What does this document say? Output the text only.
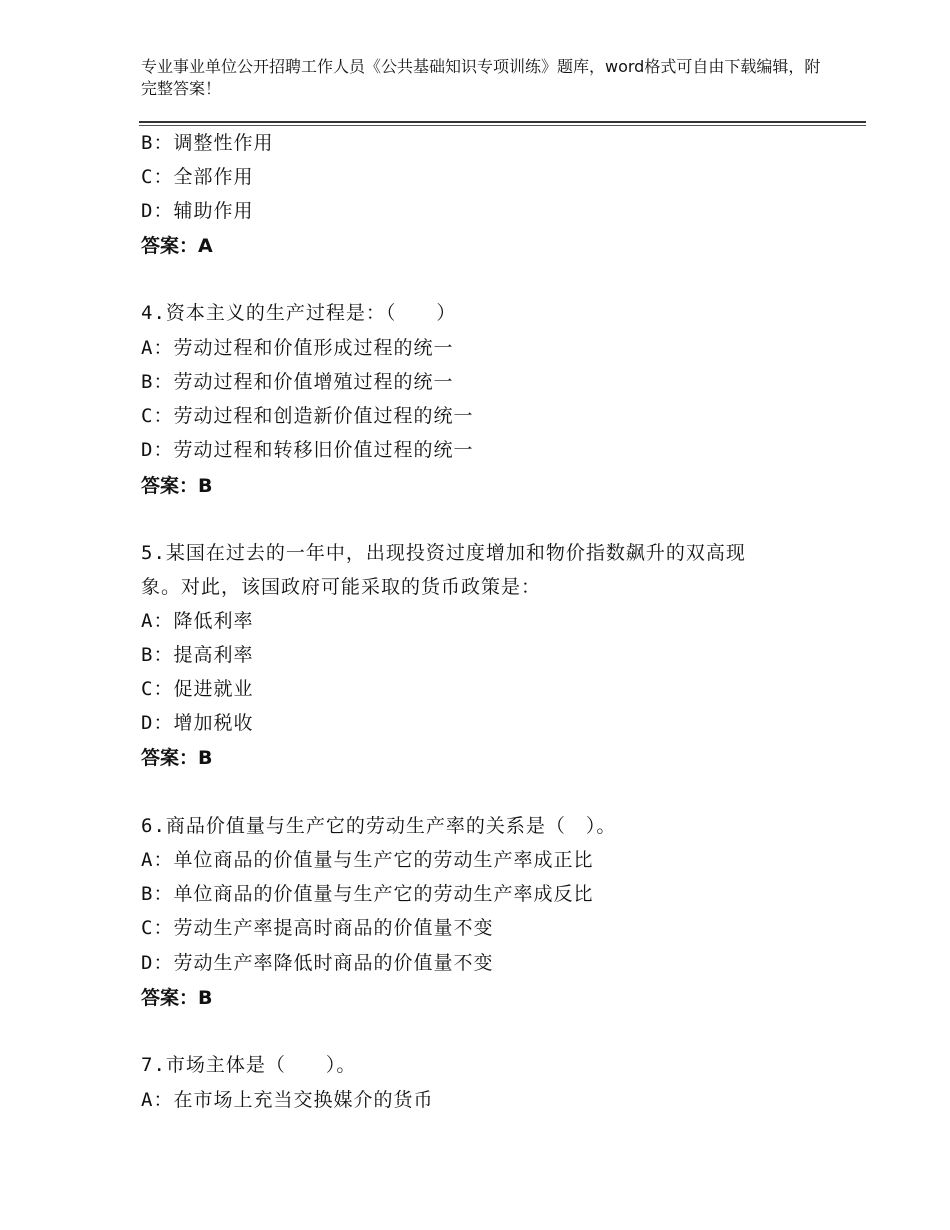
专业事业单位公开招聘工作人员《公共基础知识专项训练》题库，word格式可自由下载编辑，附完整答案！
B：调整性作用
C：全部作用
D：辅助作用
答案：A
4.资本主义的生产过程是：（　　）
A：劳动过程和价值形成过程的统一
B：劳动过程和价值增殖过程的统一
C：劳动过程和创造新价值过程的统一
D：劳动过程和转移旧价值过程的统一
答案：B
5.某国在过去的一年中，出现投资过度增加和物价指数飙升的双高现
象。对此，该国政府可能采取的货币政策是：
A：降低利率
B：提高利率
C：促进就业
D：增加税收
答案：B
6.商品价值量与生产它的劳动生产率的关系是（　）。
A：单位商品的价值量与生产它的劳动生产率成正比
B：单位商品的价值量与生产它的劳动生产率成反比
C：劳动生产率提高时商品的价值量不变
D：劳动生产率降低时商品的价值量不变
答案：B
7.市场主体是（　　）。
A：在市场上充当交换媒介的货币
